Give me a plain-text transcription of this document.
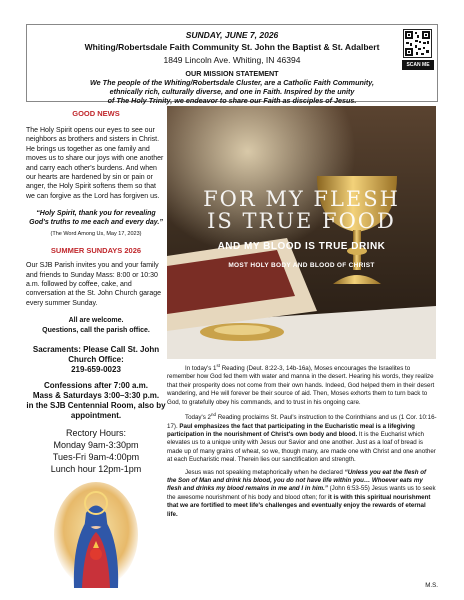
SUNDAY, JUNE 7, 2026
Whiting/Robertsdale Faith Community St. John the Baptist & St. Adalbert
1849 Lincoln Ave. Whiting, IN 46394	SCAN ME
OUR MISSION STATEMENT
We The people of the Whiting/Robertsdale Cluster, are a Catholic Faith Community,
ethnically rich, culturally diverse, and one in Faith. Inspired by the unity
of The Holy Trinity, we endeavor to share our Faith as disciples of Jesus.
GOOD NEWS
The Holy Spirit opens our eyes to see our neighbors as brothers and sisters in Christ. He brings us together as one family and moves us to share our joys with one another and carry each other's burdens. And when our hearts are hardened by sin or pain or anger, the Holy Spirit softens them so that we can forgive as the Lord has forgiven us.
“Holy Spirit, thank you for revealing God's truths to me each and every day.”
(The Word Among Us, May 17, 2023)
SUMMER SUNDAYS 2026
Our SJB Parish invites you and your family and friends to Sunday Mass: 8:00 or 10:30 a.m. followed by coffee, cake, and conversation at the St. John Church garage every summer Sunday.
All are welcome.
Questions, call the parish office.
Sacraments: Please Call St. John
Church Office:
219-659-0023
Confessions after 7:00 a.m.
Mass & Saturdays 3:00–3:30 p.m.
in the SJB Centennial Room, also by
appointment.
Rectory Hours:
Monday 9am-3:30pm
Tues-Fri 9am-4:00pm
Lunch hour 12pm-1pm
FOR MY FLESH
IS TRUE FOOD
AND MY BLOOD IS TRUE DRINK
MOST HOLY BODY AND BLOOD OF CHRIST

In today's 1st Reading (Deut. 8:22-3, 14b-16a), Moses encourages the Israelites to remember how God fed them with water and manna in the desert. Hearing his words, they realize that their prosperity does not come from their own hands. Indeed, God helped them in their desert wandering, and He will forever be their source of aid. Then, Moses exhorts them to turn back to God, to gratefully obey his commands, and to trust in his ongoing care.

Today's 2nd Reading proclaims St. Paul's instruction to the Corinthians and us (1 Cor. 10:16-17). Paul emphasizes the fact that participating in the Eucharistic meal is a lifegiving participation in the nourishment of Christ's own body and blood. It is the Eucharist which elevates us to a unique unity with Jesus our Savior and one another. Just as a loaf of bread is made up of many grains of wheat, so we, though many, are made one with Christ and one another at each Eucharistic meal. Therein lies our sanctification and strength.

Jesus was not speaking metaphorically when he declared “Unless you eat the flesh of the Son of Man and drink his blood, you do not have life within you… Whoever eats my flesh and drinks my blood remains in me and I in him.” (John 6:53-55) Jesus wants us to seek the awesome nourishment of his body and blood often; for it is with this spiritual nourishment that we are fortified to meet life's challenges and eventually enjoy the rewards of eternal life.

M.S.
